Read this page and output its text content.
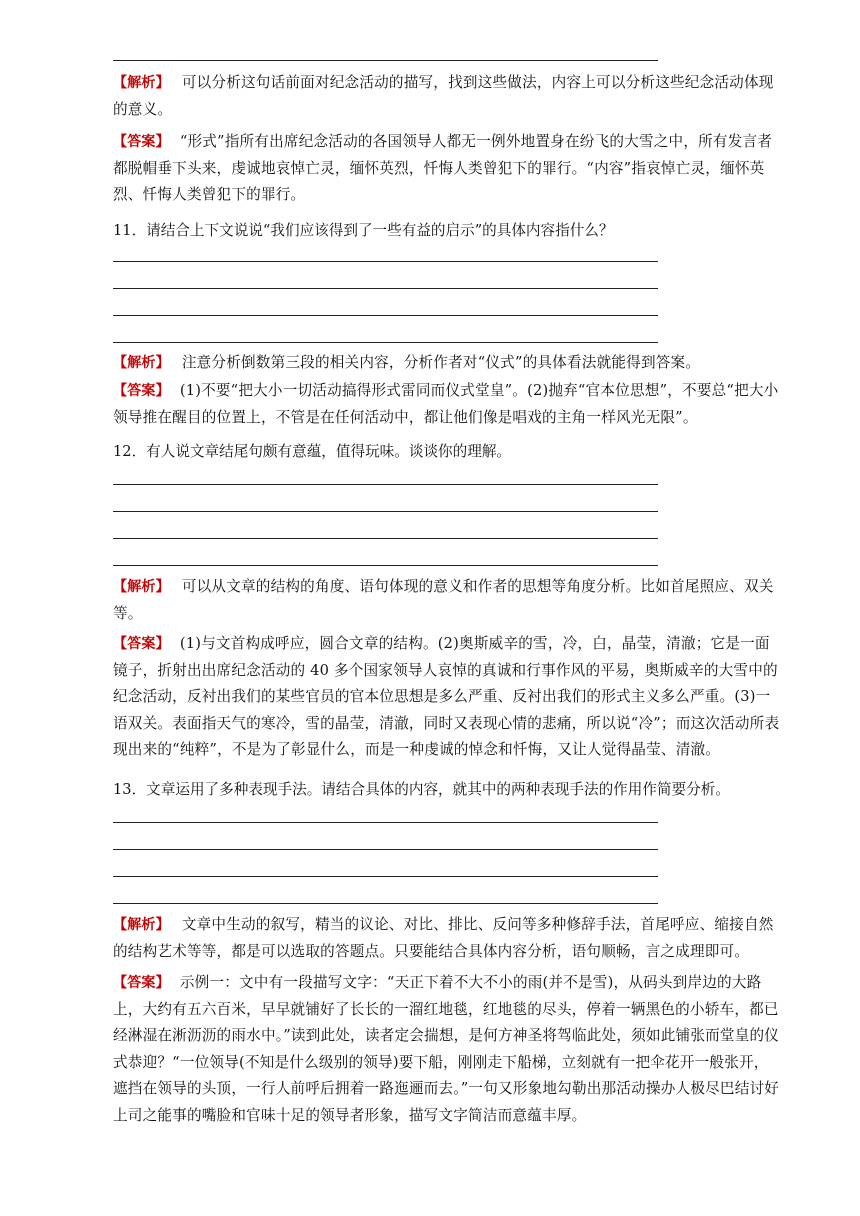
【解析】 可以分析这句话前面对纪念活动的描写，找到这些做法，内容上可以分析这些纪念活动体现的意义。

【答案】 “形式”指所有出席纪念活动的各国领导人都无一例外地置身在纷飞的大雪之中，所有发言者都脱帽垂下头来，虔诚地哀悼亡灵，缅怀英烈，忏悔人类曾犯下的罪行。“内容”指哀悼亡灵，缅怀英烈、忏悔人类曾犯下的罪行。

11．请结合上下文说说“我们应该得到了一些有益的启示”的具体内容指什么？

【解析】 注意分析倒数第三段的相关内容，分析作者对“仪式”的具体看法就能得到答案。

【答案】 (1)不要“把大小一切活动搞得形式雷同而仪式堂皇”。(2)抛弃“官本位思想”，不要总“把大小领导推在醒目的位置上，不管是在任何活动中，都让他们像是唱戏的主角一样风光无限”。

12．有人说文章结尾句颇有意蕴，值得玩味。谈谈你的理解。

【解析】 可以从文章的结构的角度、语句体现的意义和作者的思想等角度分析。比如首尾照应、双关等。

【答案】 (1)与文首构成呼应，圆合文章的结构。(2)奥斯威辛的雪，冷，白，晶莹，清澈；它是一面镜子，折射出出席纪念活动的 40 多个国家领导人哀悼的真诚和行事作风的平易，奥斯威辛的大雪中的纪念活动，反衬出我们的某些官员的官本位思想是多么严重、反衬出我们的形式主义多么严重。(3)一语双关。表面指天气的寒冷，雪的晶莹，清澈，同时又表现心情的悲痛，所以说“冷”；而这次活动所表现出来的“纯粹”，不是为了彰显什么，而是一种虔诚的悼念和忏悔，又让人觉得晶莹、清澈。

13．文章运用了多种表现手法。请结合具体的内容，就其中的两种表现手法的作用作简要分析。

【解析】 文章中生动的叙写，精当的议论、对比、排比、反问等多种修辞手法，首尾呼应、缩接自然的结构艺术等等，都是可以选取的答题点。只要能结合具体内容分析，语句顺畅，言之成理即可。

【答案】 示例一：文中有一段描写文字：“天正下着不大不小的雨(并不是雪)，从码头到岸边的大路上，大约有五六百米，早早就铺好了长长的一溜红地毯，红地毯的尽头，停着一辆黑色的小轿车，都已经淋湿在淅沥沥的雨水中。”读到此处，读者定会揣想，是何方神圣将驾临此处，须如此铺张而堂皇的仪式恭迎？“一位领导(不知是什么级别的领导)要下船，刚刚走下船梯，立刻就有一把伞花开一般张开，遮挡在领导的头顶，一行人前呼后拥着一路迤逦而去。”一句又形象地勾勒出那活动操办人极尽巴结讨好上司之能事的嘴脸和官味十足的领导者形象，描写文字简洁而意蕴丰厚。
